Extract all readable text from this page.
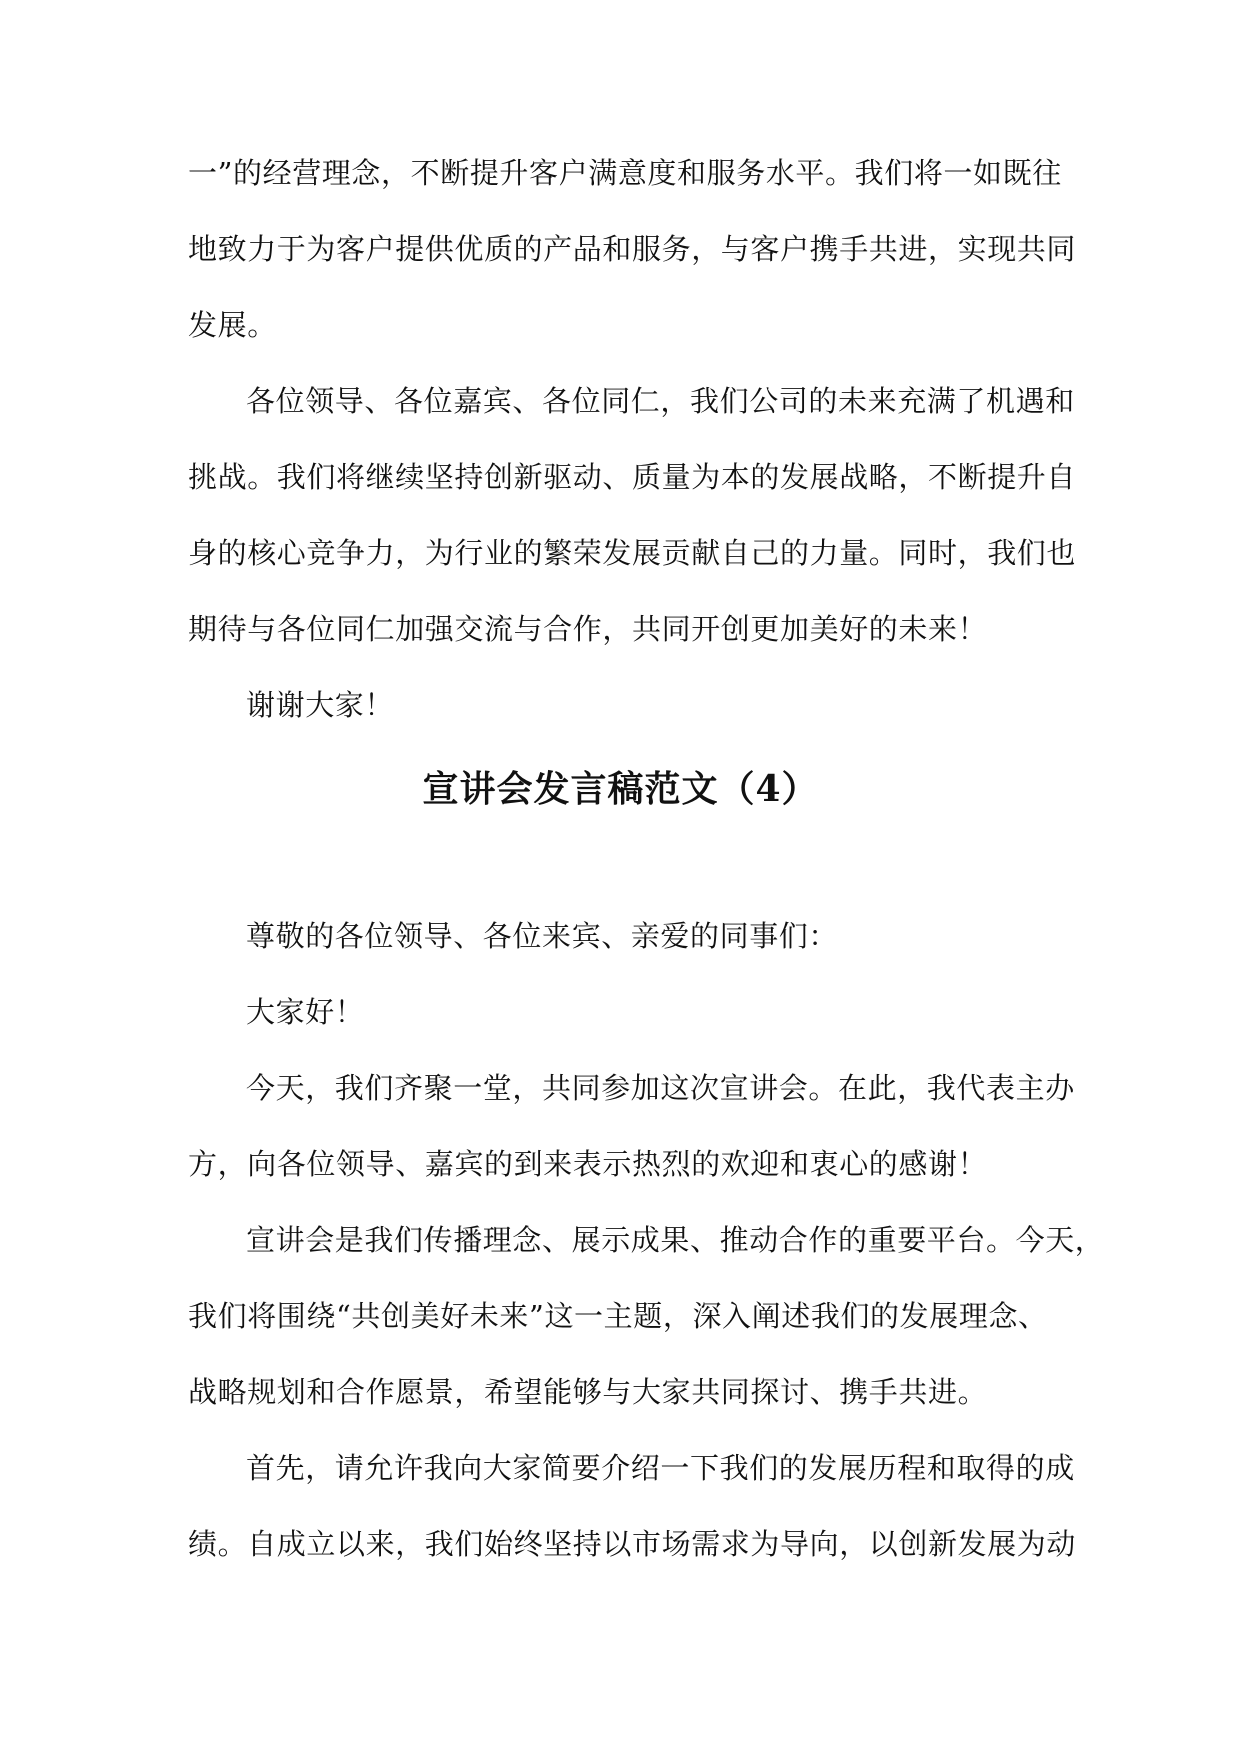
一”的经营理念，不断提升客户满意度和服务水平。我们将一如既往
地致力于为客户提供优质的产品和服务，与客户携手共进，实现共同
发展。
各位领导、各位嘉宾、各位同仁，我们公司的未来充满了机遇和
挑战。我们将继续坚持创新驱动、质量为本的发展战略，不断提升自
身的核心竞争力，为行业的繁荣发展贡献自己的力量。同时，我们也
期待与各位同仁加强交流与合作，共同开创更加美好的未来！
谢谢大家！
宣讲会发言稿范文（4）
尊敬的各位领导、各位来宾、亲爱的同事们：
大家好！
今天，我们齐聚一堂，共同参加这次宣讲会。在此，我代表主办
方，向各位领导、嘉宾的到来表示热烈的欢迎和衷心的感谢！
宣讲会是我们传播理念、展示成果、推动合作的重要平台。今天，
我们将围绕“共创美好未来”这一主题，深入阐述我们的发展理念、
战略规划和合作愿景，希望能够与大家共同探讨、携手共进。
首先，请允许我向大家简要介绍一下我们的发展历程和取得的成
绩。自成立以来，我们始终坚持以市场需求为导向，以创新发展为动
